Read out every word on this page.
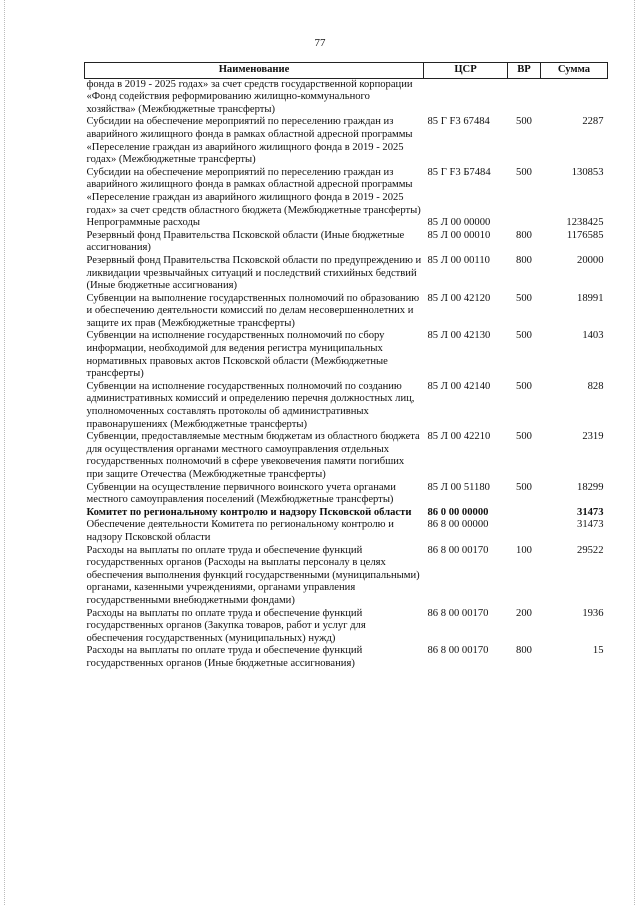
77
Наименование	ЦСР	ВР	Сумма
фонда в 2019 - 2025 годах» за счет средств государственной корпорации «Фонд содействия реформированию жилищно-коммунального хозяйства» (Межбюджетные трансферты)			
Субсидии на обеспечение мероприятий по переселению граждан из аварийного жилищного фонда в рамках областной адресной программы «Переселение граждан из аварийного жилищного фонда в 2019 - 2025 годах» (Межбюджетные трансферты)	85 Г F3 67484	500	2287
Субсидии на обеспечение мероприятий по переселению граждан из аварийного жилищного фонда в рамках областной адресной программы «Переселение граждан из аварийного жилищного фонда в 2019 - 2025 годах» за счет средств областного бюджета (Межбюджетные трансферты)	85 Г F3 Б7484	500	130853
Непрограммные расходы	85 Л 00 00000		1238425
Резервный фонд Правительства Псковской области (Иные бюджетные ассигнования)	85 Л 00 00010	800	1176585
Резервный фонд Правительства Псковской области по предупреждению и ликвидации чрезвычайных ситуаций и последствий стихийных бедствий (Иные бюджетные ассигнования)	85 Л 00 00110	800	20000
Субвенции на выполнение государственных полномочий по образованию и обеспечению деятельности комиссий по делам несовершеннолетних и защите их прав (Межбюджетные трансферты)	85 Л 00 42120	500	18991
Субвенции на исполнение государственных полномочий по сбору информации, необходимой для ведения регистра муниципальных нормативных правовых актов Псковской области (Межбюджетные трансферты)	85 Л 00 42130	500	1403
Субвенции на исполнение государственных полномочий по созданию административных комиссий и определению перечня должностных лиц, уполномоченных составлять протоколы об административных правонарушениях (Межбюджетные трансферты)	85 Л 00 42140	500	828
Субвенции, предоставляемые местным бюджетам из областного бюджета для осуществления органами местного самоуправления отдельных государственных полномочий в сфере увековечения памяти погибших при защите Отечества (Межбюджетные трансферты)	85 Л 00 42210	500	2319
Субвенции на осуществление первичного воинского учета органами местного самоуправления поселений (Межбюджетные трансферты)	85 Л 00 51180	500	18299
Комитет по региональному контролю и надзору Псковской области	86 0 00 00000		31473
Обеспечение деятельности Комитета по региональному контролю и надзору Псковской области	86 8 00 00000		31473
Расходы на выплаты по оплате труда и обеспечение функций государственных органов (Расходы на выплаты персоналу в целях обеспечения выполнения функций государственными (муниципальными) органами, казенными учреждениями, органами управления государственными внебюджетными фондами)	86 8 00 00170	100	29522
Расходы на выплаты по оплате труда и обеспечение функций государственных органов (Закупка товаров, работ и услуг для обеспечения государственных (муниципальных) нужд)	86 8 00 00170	200	1936
Расходы на выплаты по оплате труда и обеспечение функций государственных органов (Иные бюджетные ассигнования)	86 8 00 00170	800	15
